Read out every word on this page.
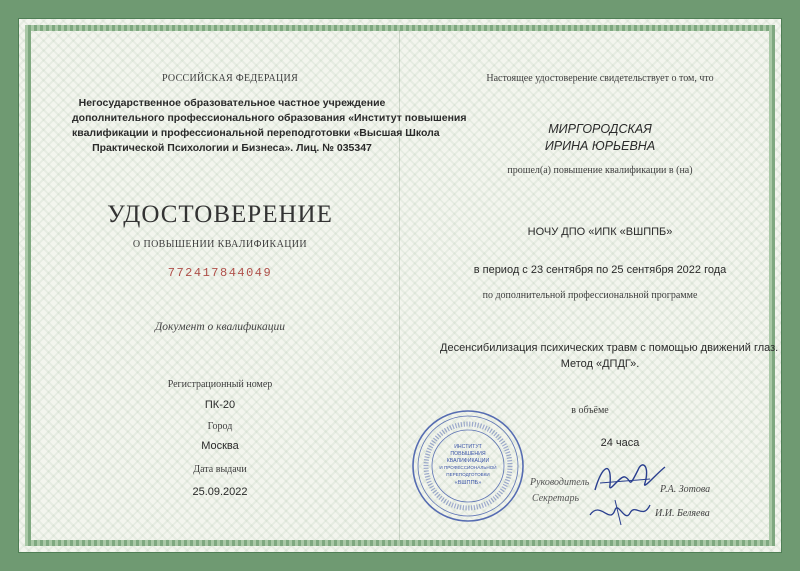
РОССИЙСКАЯ ФЕДЕРАЦИЯ
Негосударственное образовательное частное учреждение
дополнительного профессионального образования «Институт повышения
квалификации и профессиональной переподготовки «Высшая Школа
Практической Психологии и Бизнеса». Лиц. № 035347
УДОСТОВЕРЕНИЕ
О ПОВЫШЕНИИ КВАЛИФИКАЦИИ
772417844049
Документ о квалификации
Регистрационный номер
ПК-20
Город
Москва
Дата выдачи
25.09.2022
Настоящее удостоверение свидетельствует о том, что
МИРГОРОДСКАЯ
ИРИНА ЮРЬЕВНА
прошел(а) повышение квалификации в (на)
НОЧУ ДПО «ИПК «ВШППБ»
в период с 23 сентября по 25 сентября 2022 года
по дополнительной профессиональной программе
Десенсибилизация психических травм с помощью движений глаз.
Метод «ДПДГ».
в объёме
24 часа
Руководитель
Р.А. Зотова
Секретарь
И.И. Беляева
ИНСТИТУТ
ПОВЫШЕНИЯ
КВАЛИФИКАЦИИ
И ПРОФЕССИОНАЛЬНОЙ
ПЕРЕПОДГОТОВКИ
«ВШППБ»
